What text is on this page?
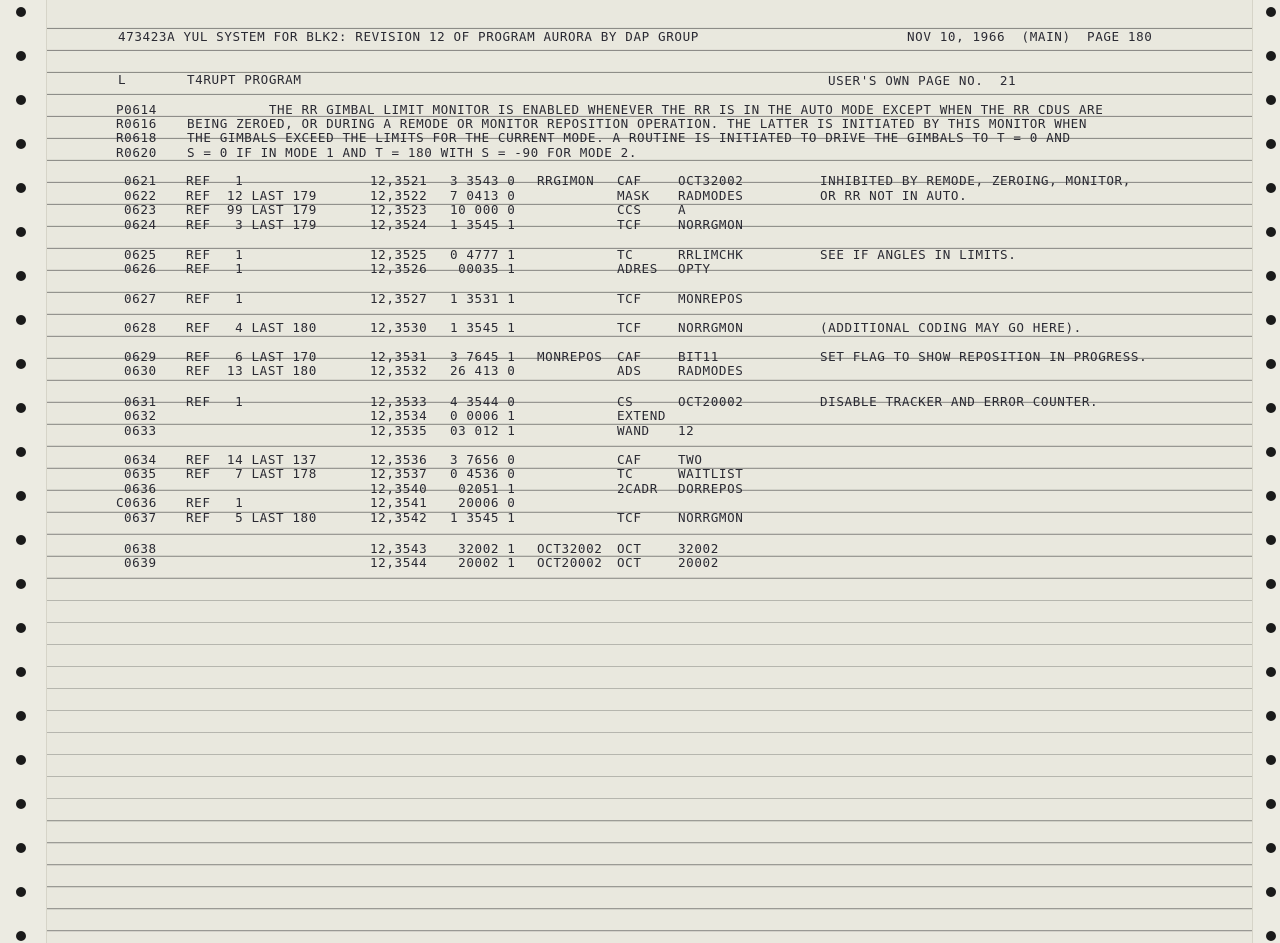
473423A YUL SYSTEM FOR BLK2: REVISION 12 OF PROGRAM AURORA BY DAP GROUP	NOV 10, 1966  (MAIN)  PAGE 180
L	T4RUPT PROGRAM	USER'S OWN PAGE NO.  21
P0614 THE RR GIMBAL LIMIT MONITOR IS ENABLED WHENEVER THE RR IS IN THE AUTO MODE EXCEPT WHEN THE RR CDUS ARE
R0616 BEING ZEROED, OR DURING A REMODE OR MONITOR REPOSITION OPERATION. THE LATTER IS INITIATED BY THIS MONITOR WHEN
R0618 THE GIMBALS EXCEED THE LIMITS FOR THE CURRENT MODE. A ROUTINE IS INITIATED TO DRIVE THE GIMBALS TO T = 0 AND
R0620 S = 0 IF IN MODE 1 AND T = 180 WITH S = -90 FOR MODE 2.
0621 REF   1	12,3521 3 3543 0 RRGIMON CAF	OCT32002	INHIBITED BY REMODE, ZEROING, MONITOR,
0622 REF  12 LAST 179	12,3522 7 0413 0	MASK RADMODES	OR RR NOT IN AUTO.
0623 REF  99 LAST 179	12,3523 10 000 0	CCS	A
0624 REF   3 LAST 179	12,3524 1 3545 1	TCF	NORRGMON
0625 REF   1	12,3525 0 4777 1	TC	RRLIMCHK	SEE IF ANGLES IN LIMITS.
0626 REF   1	12,3526 00035 1	ADRES OPTY
0627 REF   1	12,3527 1 3531 1	TCF	MONREPOS
0628 REF   4 LAST 180	12,3530 1 3545 1	TCF	NORRGMON	(ADDITIONAL CODING MAY GO HERE).
0629 REF   6 LAST 170	12,3531 3 7645 1 MONREPOS CAF	BIT11	SET FLAG TO SHOW REPOSITION IN PROGRESS.
0630 REF  13 LAST 180	12,3532 26 413 0	ADS	RADMODES
0631 REF   1	12,3533 4 3544 0	CS	OCT20002	DISABLE TRACKER AND ERROR COUNTER.
0632	12,3534 0 0006 1	EXTEND
0633	12,3535 03 012 1	WAND 12
0634 REF  14 LAST 137	12,3536 3 7656 0	CAF	TWO
0635 REF   7 LAST 178	12,3537 0 4536 0	TC	WAITLIST
0636	12,3540 02051 1	2CADR DORREPOS
C0636 REF   1	12,3541 20006 0
0637 REF   5 LAST 180	12,3542 1 3545 1	TCF	NORRGMON
0638	12,3543 32002 1 OCT32002 OCT	32002
0639	12,3544 20002 1 OCT20002 OCT	20002
